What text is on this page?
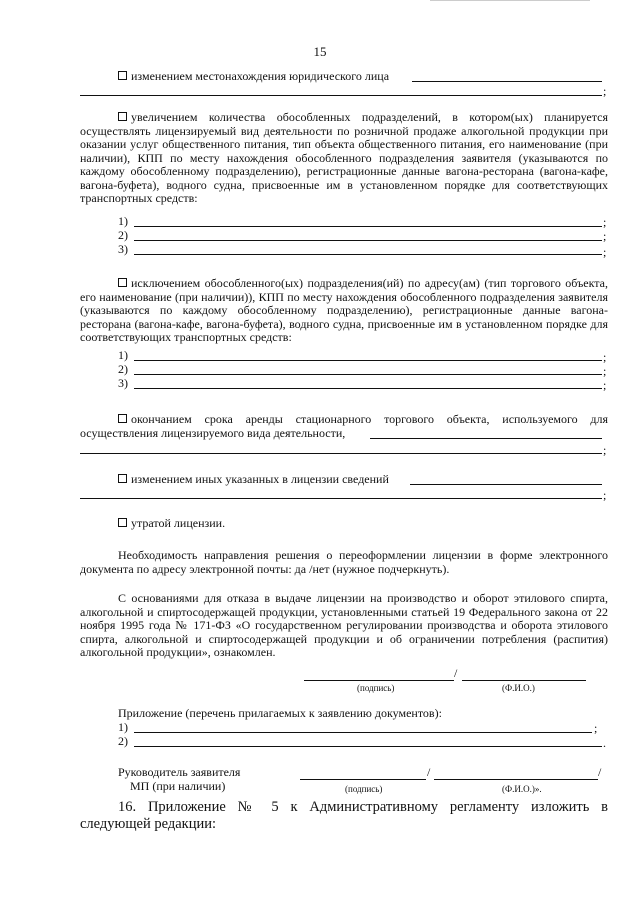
15
изменением местонахождения юридического лица
;
увеличением количества обособленных подразделений, в котором(ых) планируется осуществлять лицензируемый вид деятельности по розничной продаже алкогольной продукции при оказании услуг общественного питания, тип объекта общественного питания, его наименование (при наличии), КПП по месту нахождения обособленного подразделения заявителя (указываются по каждому обособленному подразделению), регистрационные данные вагона-ресторана (вагона-кафе, вагона-буфета), водного судна, присвоенные им в установленном порядке для соответствующих транспортных средств:
1)	;
2)	;
3)	;
исключением обособленного(ых) подразделения(ий) по адресу(ам) (тип торгового объекта, его наименование (при наличии)), КПП по месту нахождения обособленного подразделения заявителя (указываются по каждому обособленному подразделению), регистрационные данные вагона-ресторана (вагона-кафе, вагона-буфета), водного судна, присвоенные им в установленном порядке для соответствующих транспортных средств:
1)	;
2)	;
3)	;
окончанием срока аренды стационарного торгового объекта, используемого для осуществления лицензируемого вида деятельности,
;
изменением иных указанных в лицензии сведений
;
утратой лицензии.
Необходимость направления решения о переоформлении лицензии в форме электронного документа по адресу электронной почты: да /нет (нужное подчеркнуть).
С основаниями для отказа в выдаче лицензии на производство и оборот этилового спирта, алкогольной и спиртосодержащей продукции, установленными статьей 19 Федерального закона от 22 ноября 1995 года № 171-ФЗ «О государственном регулировании производства и оборота этилового спирта, алкогольной и спиртосодержащей продукции и об ограничении потребления (распития) алкогольной продукции», ознакомлен.
/
(подпись)	(Ф.И.О.)
Приложение (перечень прилагаемых к заявлению документов):
1)	;
2)	.
Руководитель заявителя
МП (при наличии)
/	/
(подпись)	(Ф.И.О.)».
16. Приложение № 5 к Административному регламенту изложить в следующей редакции:
